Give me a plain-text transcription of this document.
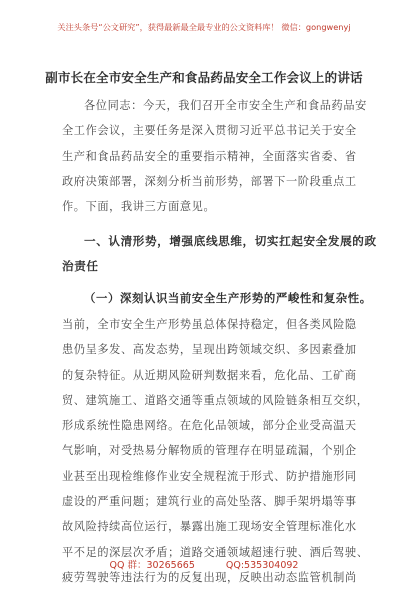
关注头条号“公文研究”，获得最新最全最专业的公文资料库！ 微信：gongwenyj
副市长在全市安全生产和食品药品安全工作会议上的讲话
各位同志：今天，我们召开全市安全生产和食品药品安
全工作会议，主要任务是深入贯彻习近平总书记关于安全
生产和食品药品安全的重要指示精神，全面落实省委、省
政府决策部署，深刻分析当前形势，部署下一阶段重点工
作。下面，我讲三方面意见。
一、认清形势，增强底线思维，切实扛起安全发展的政
治责任
（一）深刻认识当前安全生产形势的严峻性和复杂性。
当前，全市安全生产形势虽总体保持稳定，但各类风险隐
患仍呈多发、高发态势，呈现出跨领域交织、多因素叠加
的复杂特征。从近期风险研判数据来看，危化品、工矿商
贸、建筑施工、道路交通等重点领域的风险链条相互交织，
形成系统性隐患网络。在危化品领域，部分企业受高温天
气影响，对受热易分解物质的管理存在明显疏漏，个别企
业甚至出现检维修作业安全规程流于形式、防护措施形同
虚设的严重问题；建筑行业的高处坠落、脚手架坍塌等事
故风险持续高位运行，暴露出施工现场安全管理标准化水
平不足的深层次矛盾；道路交通领域超速行驶、酒后驾驶、
疲劳驾驶等违法行为的反复出现，反映出动态监管机制尚
QQ 群：30265665	QQ:535304092
